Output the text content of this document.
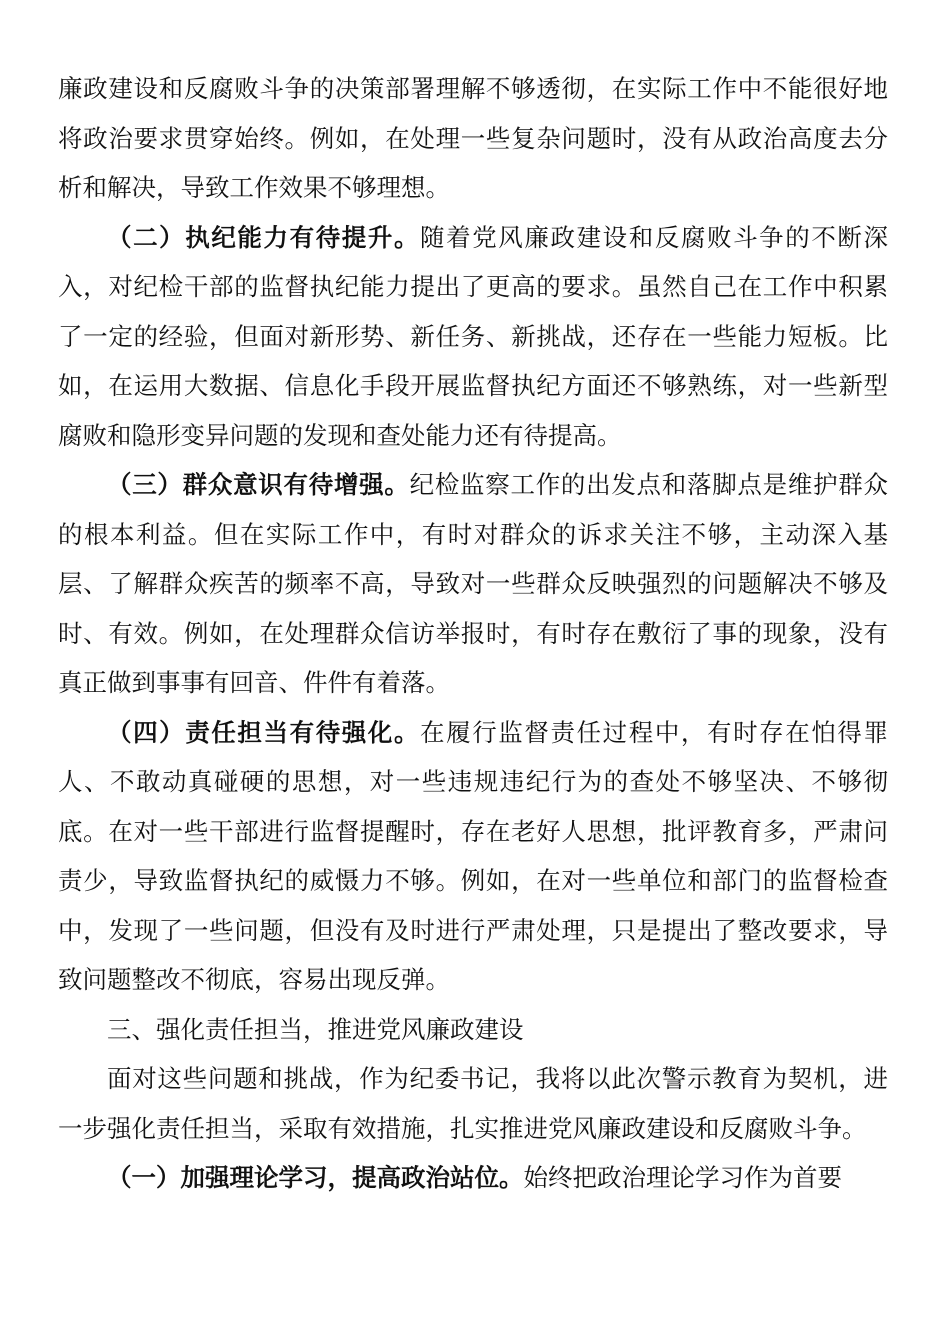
廉政建设和反腐败斗争的决策部署理解不够透彻，在实际工作中不能很好地将政治要求贯穿始终。例如，在处理一些复杂问题时，没有从政治高度去分析和解决，导致工作效果不够理想。

（二）执纪能力有待提升。随着党风廉政建设和反腐败斗争的不断深入，对纪检干部的监督执纪能力提出了更高的要求。虽然自己在工作中积累了一定的经验，但面对新形势、新任务、新挑战，还存在一些能力短板。比如，在运用大数据、信息化手段开展监督执纪方面还不够熟练，对一些新型腐败和隐形变异问题的发现和查处能力还有待提高。

（三）群众意识有待增强。纪检监察工作的出发点和落脚点是维护群众的根本利益。但在实际工作中，有时对群众的诉求关注不够，主动深入基层、了解群众疾苦的频率不高，导致对一些群众反映强烈的问题解决不够及时、有效。例如，在处理群众信访举报时，有时存在敷衍了事的现象，没有真正做到事事有回音、件件有着落。

（四）责任担当有待强化。在履行监督责任过程中，有时存在怕得罪人、不敢动真碰硬的思想，对一些违规违纪行为的查处不够坚决、不够彻底。在对一些干部进行监督提醒时，存在老好人思想，批评教育多，严肃问责少，导致监督执纪的威慑力不够。例如，在对一些单位和部门的监督检查中，发现了一些问题，但没有及时进行严肃处理，只是提出了整改要求，导致问题整改不彻底，容易出现反弹。

三、强化责任担当，推进党风廉政建设

面对这些问题和挑战，作为纪委书记，我将以此次警示教育为契机，进一步强化责任担当，采取有效措施，扎实推进党风廉政建设和反腐败斗争。

（一）加强理论学习，提高政治站位。始终把政治理论学习作为首要
